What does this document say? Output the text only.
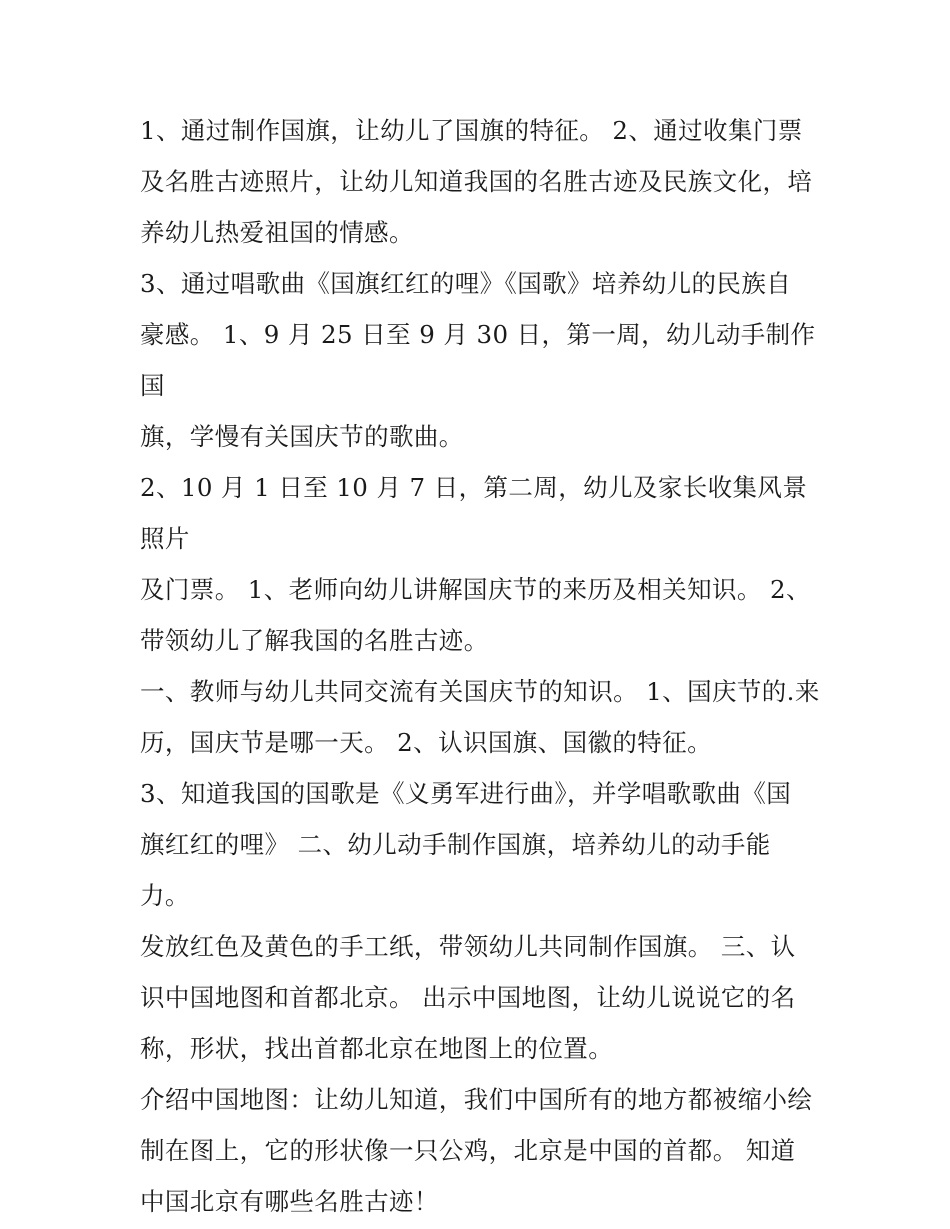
1、通过制作国旗，让幼儿了国旗的特征。 2、通过收集门票
及名胜古迹照片，让幼儿知道我国的名胜古迹及民族文化，培
养幼儿热爱祖国的情感。

3、通过唱歌曲《国旗红红的哩》《国歌》培养幼儿的民族自
豪感。 1、9 月 25 日至 9 月 30 日，第一周，幼儿动手制作国
旗，学慢有关国庆节的歌曲。

2、10 月 1 日至 10 月 7 日，第二周，幼儿及家长收集风景照片
及门票。 1、老师向幼儿讲解国庆节的来历及相关知识。 2、
带领幼儿了解我国的名胜古迹。

一、教师与幼儿共同交流有关国庆节的知识。 1、国庆节的.来
历，国庆节是哪一天。 2、认识国旗、国徽的特征。

3、知道我国的国歌是《义勇军进行曲》，并学唱歌歌曲《国
旗红红的哩》 二、幼儿动手制作国旗，培养幼儿的动手能
力。

发放红色及黄色的手工纸，带领幼儿共同制作国旗。 三、认
识中国地图和首都北京。 出示中国地图，让幼儿说说它的名
称，形状，找出首都北京在地图上的位置。

介绍中国地图：让幼儿知道，我们中国所有的地方都被缩小绘
制在图上，它的形状像一只公鸡，北京是中国的首都。 知道
中国北京有哪些名胜古迹！
